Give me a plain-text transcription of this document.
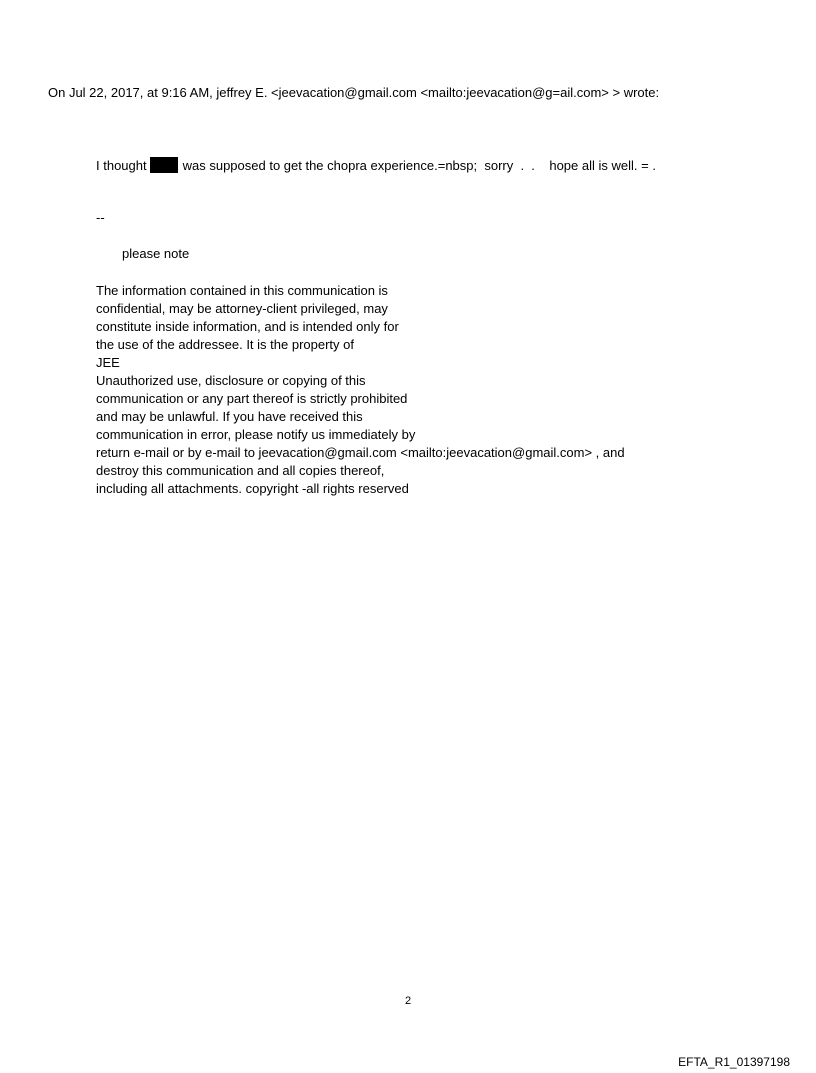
On Jul 22, 2017, at 9:16 AM, jeffrey E. <jeevacation@gmail.com <mailto:jeevacation@g=ail.com> > wrote:
I thought	was supposed to get the chopra experience.=nbsp;  sorry  .  .    hope all is well. = .
--
please note
The information contained in this communication is
confidential, may be attorney-client privileged, may
constitute inside information, and is intended only for
the use of the addressee. It is the property of
JEE
Unauthorized use, disclosure or copying of this
communication or any part thereof is strictly prohibited
and may be unlawful. If you have received this
communication in error, please notify us immediately by
return e-mail or by e-mail to jeevacation@gmail.com <mailto:jeevacation@gmail.com> , and
destroy this communication and all copies thereof,
including all attachments. copyright -all rights reserved
2
EFTA_R1_01397198
